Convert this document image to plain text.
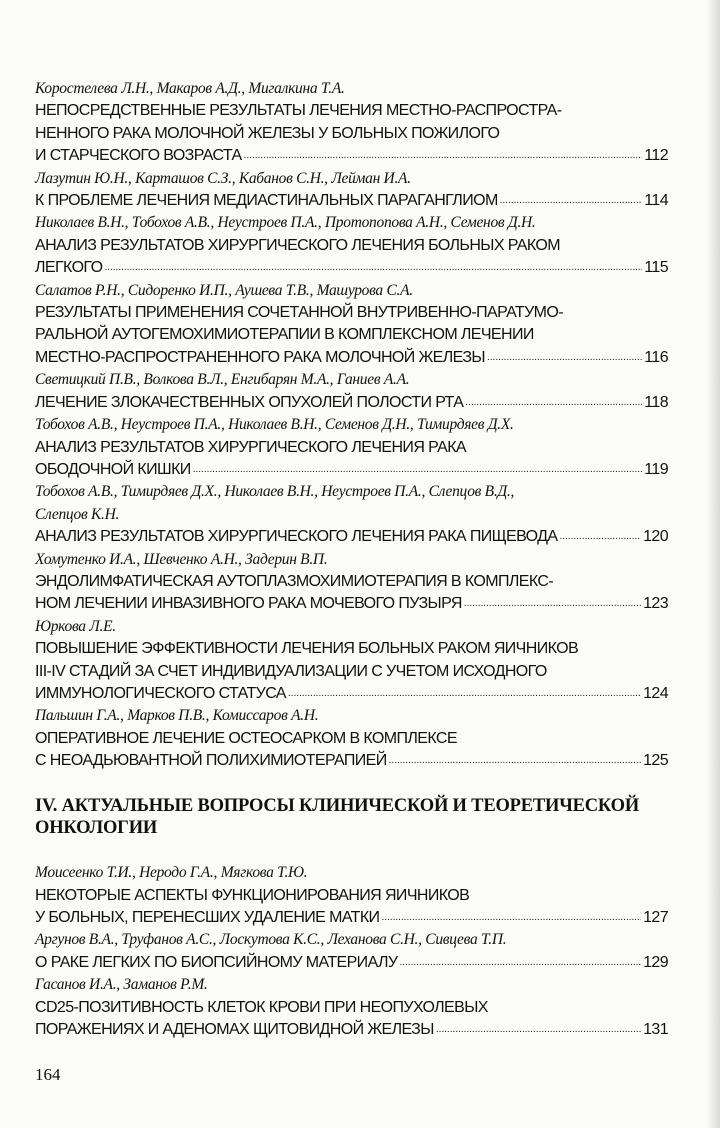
Коростелева Л.Н., Макаров А.Д., Мигалкина Т.А.
НЕПОСРЕДСТВЕННЫЕ РЕЗУЛЬТАТЫ ЛЕЧЕНИЯ МЕСТНО-РАСПРОСТРА-
НЕННОГО РАКА МОЛОЧНОЙ ЖЕЛЕЗЫ У БОЛЬНЫХ ПОЖИЛОГО
И СТАРЧЕСКОГО ВОЗРАСТА .....	112
Лазутин Ю.Н., Карташов С.З., Кабанов С.Н., Лейман И.А.
К ПРОБЛЕМЕ ЛЕЧЕНИЯ МЕДИАСТИНАЛЬНЫХ ПАРАГАНГЛИОМ .....	114
Николаев В.Н., Тобохов А.В., Неустроев П.А., Протопопова А.Н., Семенов Д.Н.
АНАЛИЗ РЕЗУЛЬТАТОВ ХИРУРГИЧЕСКОГО ЛЕЧЕНИЯ БОЛЬНЫХ РАКОМ
ЛЕГКОГО .....	115
Салатов Р.Н., Сидоренко И.П., Аушева Т.В., Машурова С.А.
РЕЗУЛЬТАТЫ ПРИМЕНЕНИЯ СОЧЕТАННОЙ ВНУТРИВЕННО-ПАРАТУМО-
РАЛЬНОЙ АУТОГЕМОХИМИОТЕРАПИИ В КОМПЛЕКСНОМ ЛЕЧЕНИИ
МЕСТНО-РАСПРОСТРАНЕННОГО РАКА МОЛОЧНОЙ ЖЕЛЕЗЫ .....	116
Светицкий П.В., Волкова В.Л., Енгибарян М.А., Ганиев А.А.
ЛЕЧЕНИЕ ЗЛОКАЧЕСТВЕННЫХ ОПУХОЛЕЙ ПОЛОСТИ РТА .....	118
Тобохов А.В., Неустроев П.А., Николаев В.Н., Семенов Д.Н., Тимирдяев Д.Х.
АНАЛИЗ РЕЗУЛЬТАТОВ ХИРУРГИЧЕСКОГО ЛЕЧЕНИЯ РАКА
ОБОДОЧНОЙ КИШКИ .....	119
Тобохов А.В., Тимирдяев Д.Х., Николаев В.Н., Неустроев П.А., Слепцов В.Д.,
Слепцов К.Н.
АНАЛИЗ РЕЗУЛЬТАТОВ ХИРУРГИЧЕСКОГО ЛЕЧЕНИЯ РАКА ПИЩЕВОДА .....	120
Хомутенко И.А., Шевченко А.Н., Задерин В.П.
ЭНДОЛИМФАТИЧЕСКАЯ АУТОПЛАЗМОХИМИОТЕРАПИЯ В КОМПЛЕКС-
НОМ ЛЕЧЕНИИ ИНВАЗИВНОГО РАКА МОЧЕВОГО ПУЗЫРЯ .....	123
Юркова Л.Е.
ПОВЫШЕНИЕ ЭФФЕКТИВНОСТИ ЛЕЧЕНИЯ БОЛЬНЫХ РАКОМ ЯИЧНИКОВ
III-IV СТАДИЙ ЗА СЧЕТ ИНДИВИДУАЛИЗАЦИИ С УЧЕТОМ ИСХОДНОГО
ИММУНОЛОГИЧЕСКОГО СТАТУСА .....	124
Пальшин Г.А., Марков П.В., Комиссаров А.Н.
ОПЕРАТИВНОЕ ЛЕЧЕНИЕ ОСТЕОСАРКОМ В КОМПЛЕКСЕ
С НЕОАДЬЮВАНТНОЙ ПОЛИХИМИОТЕРАПИЕЙ .....	125
IV. АКТУАЛЬНЫЕ ВОПРОСЫ КЛИНИЧЕСКОЙ И ТЕОРЕТИЧЕСКОЙ
ОНКОЛОГИИ
Моисеенко Т.И., Неродо Г.А., Мягкова Т.Ю.
НЕКОТОРЫЕ АСПЕКТЫ ФУНКЦИОНИРОВАНИЯ ЯИЧНИКОВ
У БОЛЬНЫХ, ПЕРЕНЕСШИХ УДАЛЕНИЕ МАТКИ .....	127
Аргунов В.А., Труфанов А.С., Лоскутова К.С., Леханова С.Н., Сивцева Т.П.
О РАКЕ ЛЕГКИХ ПО БИОПСИЙНОМУ МАТЕРИАЛУ .....	129
Гасанов И.А., Заманов Р.М.
CD25-ПОЗИТИВНОСТЬ КЛЕТОК КРОВИ ПРИ НЕОПУХОЛЕВЫХ
ПОРАЖЕНИЯХ И АДЕНОМАХ ЩИТОВИДНОЙ ЖЕЛЕЗЫ .....	131
164
